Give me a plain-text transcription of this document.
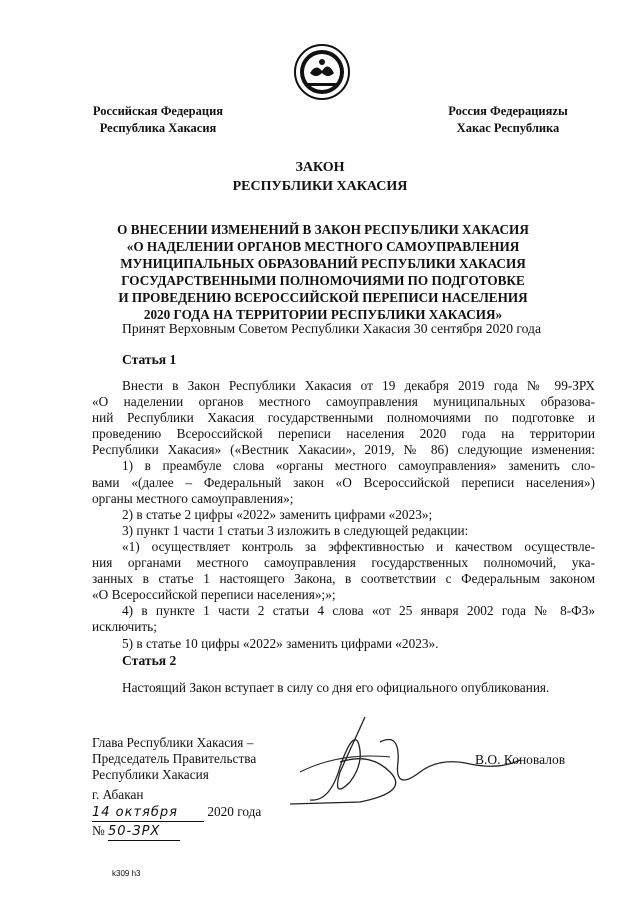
Российская Федерация
Республика Хакасия
Россия Федерацияzы
Хакас Республика
ЗАКОН
РЕСПУБЛИКИ ХАКАСИЯ
О ВНЕСЕНИИ ИЗМЕНЕНИЙ В ЗАКОН РЕСПУБЛИКИ ХАКАСИЯ
«О НАДЕЛЕНИИ ОРГАНОВ МЕСТНОГО САМОУПРАВЛЕНИЯ
МУНИЦИПАЛЬНЫХ ОБРАЗОВАНИЙ РЕСПУБЛИКИ ХАКАСИЯ
ГОСУДАРСТВЕННЫМИ ПОЛНОМОЧИЯМИ ПО ПОДГОТОВКЕ
И ПРОВЕДЕНИЮ ВСЕРОССИЙСКОЙ ПЕРЕПИСИ НАСЕЛЕНИЯ
2020 ГОДА НА ТЕРРИТОРИИ РЕСПУБЛИКИ ХАКАСИЯ»
Принят Верховным Советом Республики Хакасия 30 сентября 2020 года
Статья 1
Внести в Закон Республики Хакасия от 19 декабря 2019 года № 99-ЗРХ
«О наделении органов местного самоуправления муниципальных образова-
ний Республики Хакасия государственными полномочиями по подготовке и
проведению Всероссийской переписи населения 2020 года на территории
Республики Хакасия» («Вестник Хакасии», 2019, № 86) следующие изменения:
1) в преамбуле слова «органы местного самоуправления» заменить сло-
вами «(далее – Федеральный закон «О Всероссийской переписи населения»)
органы местного самоуправления»;
2) в статье 2 цифры «2022» заменить цифрами «2023»;
3) пункт 1 части 1 статьи 3 изложить в следующей редакции:
«1) осуществляет контроль за эффективностью и качеством осуществле-
ния органами местного самоуправления государственных полномочий, ука-
занных в статье 1 настоящего Закона, в соответствии с Федеральным законом
«О Всероссийской переписи населения»;»;
4) в пункте 1 части 2 статьи 4 слова «от 25 января 2002 года № 8-ФЗ»
исключить;
5) в статье 10 цифры «2022» заменить цифрами «2023».
Статья 2
Настоящий Закон вступает в силу со дня его официального опубликования.
Глава Республики Хакасия –
Председатель Правительства
Республики Хакасия
В.О. Коновалов
г. Абакан
14 октября 2020 года
№ 50-ЗРХ
k309 h3
